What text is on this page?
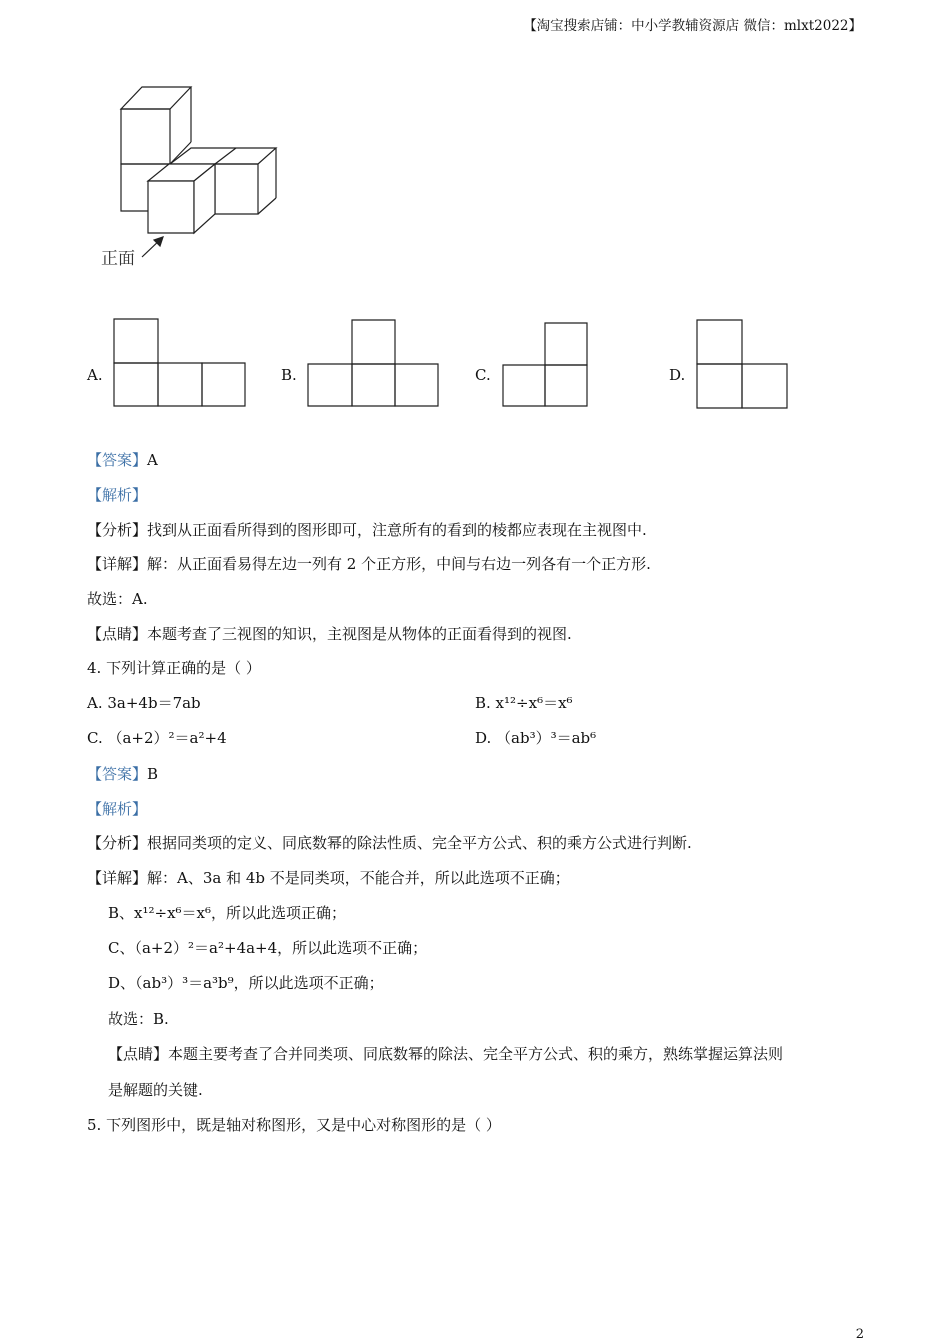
【淘宝搜索店铺：中小学教辅资源店 微信：mlxt2022】
正面
A.	B.	C.	D.
【答案】A
【解析】
【分析】找到从正面看所得到的图形即可，注意所有的看到的棱都应表现在主视图中.
【详解】解：从正面看易得左边一列有 2 个正方形，中间与右边一列各有一个正方形.
故选：A.
【点睛】本题考查了三视图的知识，主视图是从物体的正面看得到的视图.
4. 下列计算正确的是（ ）
A. 3a+4b＝7ab	B. x¹²÷x⁶＝x⁶
C. （a+2）²＝a²+4	D. （ab³）³＝ab⁶
【答案】B
【解析】
【分析】根据同类项的定义、同底数幂的除法性质、完全平方公式、积的乘方公式进行判断.
【详解】解：A、3a 和 4b 不是同类项，不能合并，所以此选项不正确；
B、x¹²÷x⁶＝x⁶，所以此选项正确；
C、（a+2）²＝a²+4a+4，所以此选项不正确；
D、（ab³）³＝a³b⁹，所以此选项不正确；
故选：B.
【点睛】本题主要考查了合并同类项、同底数幂的除法、完全平方公式、积的乘方，熟练掌握运算法则
是解题的关键.
5. 下列图形中，既是轴对称图形，又是中心对称图形的是（ ）
2
